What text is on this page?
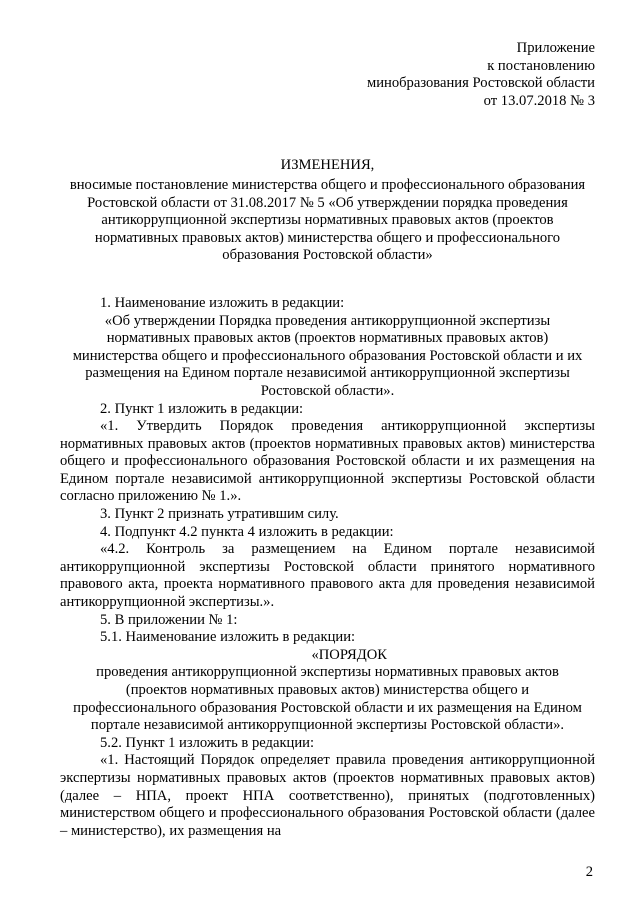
Приложение
к постановлению
минобразования Ростовской области
от 13.07.2018 № 3
ИЗМЕНЕНИЯ,
вносимые постановление министерства общего и профессионального образования
Ростовской области от 31.08.2017 № 5 «Об утверждении порядка проведения
антикоррупционной экспертизы нормативных правовых актов (проектов
нормативных правовых актов) министерства общего и профессионального
образования Ростовской области»

1. Наименование изложить в редакции:

«Об утверждении Порядка проведения антикоррупционной экспертизы
нормативных правовых актов (проектов нормативных правовых актов)
министерства общего и профессионального образования Ростовской области и их
размещения на Едином портале независимой антикоррупционной экспертизы
Ростовской области».

2. Пункт 1 изложить в редакции:

«1. Утвердить Порядок проведения антикоррупционной экспертизы нормативных правовых актов (проектов нормативных правовых актов) министерства общего и профессионального образования Ростовской области и их размещения на Едином портале независимой антикоррупционной экспертизы Ростовской области согласно приложению № 1.».

3. Пункт 2 признать утратившим силу.

4. Подпункт 4.2 пункта 4 изложить в редакции:

«4.2. Контроль за размещением на Едином портале независимой антикоррупционной экспертизы Ростовской области принятого нормативного правового акта, проекта нормативного правового акта для проведения независимой антикоррупционной экспертизы.».

5. В приложении № 1:

5.1. Наименование изложить в редакции:

«ПОРЯДОК
проведения антикоррупционной экспертизы нормативных правовых актов
(проектов нормативных правовых актов) министерства общего и
профессионального образования Ростовской области и их размещения на Едином
портале независимой антикоррупционной экспертизы Ростовской области».

5.2. Пункт 1 изложить в редакции:

«1. Настоящий Порядок определяет правила проведения антикоррупционной экспертизы нормативных правовых актов (проектов нормативных правовых актов) (далее – НПА, проект НПА соответственно), принятых (подготовленных) министерством общего и профессионального образования Ростовской области (далее – министерство), их размещения на

2
